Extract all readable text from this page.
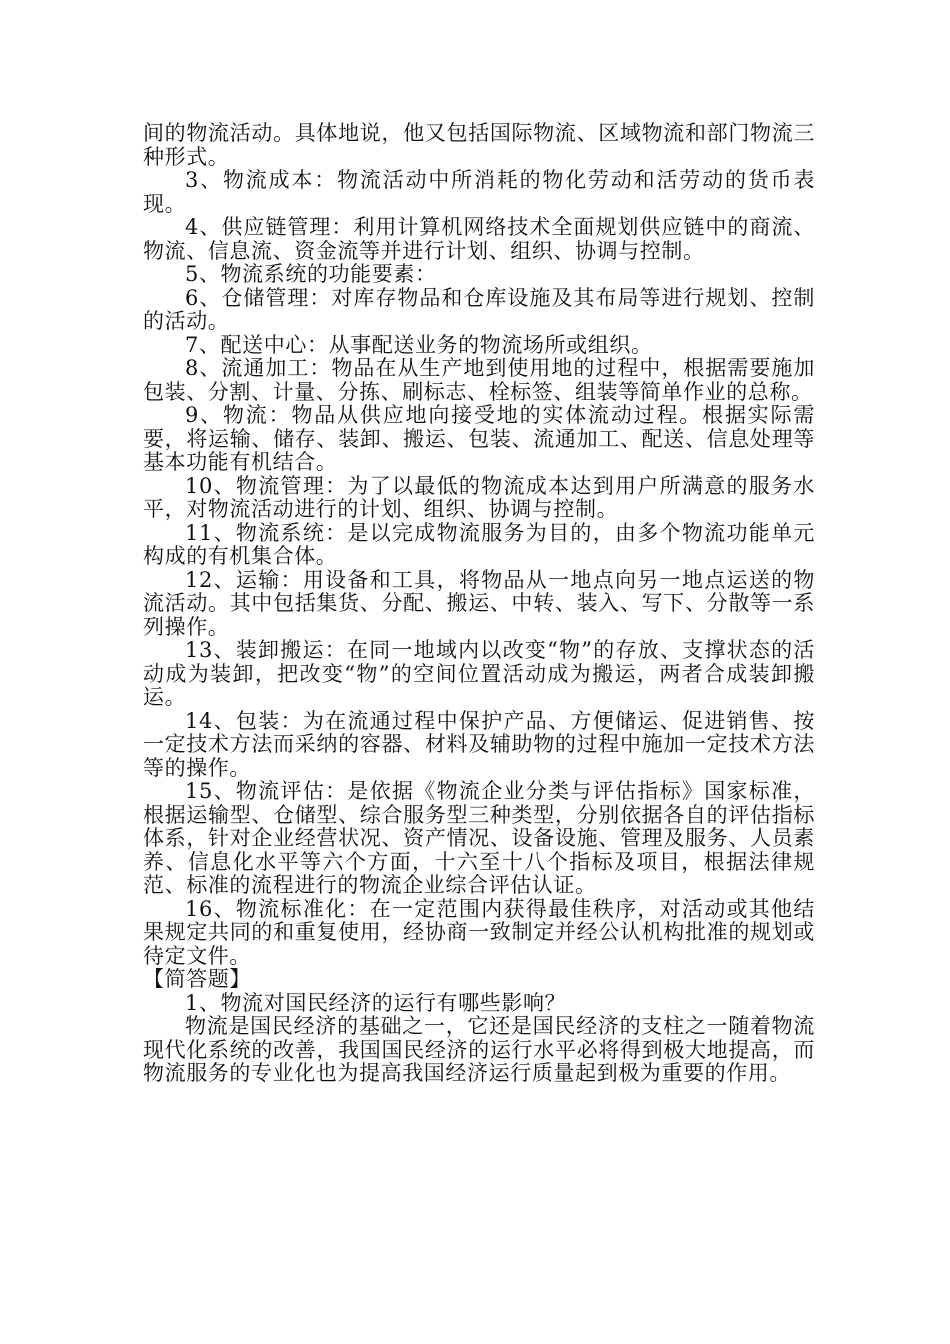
间的物流活动。具体地说，他又包括国际物流、区域物流和部门物流三种形式。

3、物流成本：物流活动中所消耗的物化劳动和活劳动的货币表现。

4、供应链管理：利用计算机网络技术全面规划供应链中的商流、物流、信息流、资金流等并进行计划、组织、协调与控制。

5、物流系统的功能要素：

6、仓储管理：对库存物品和仓库设施及其布局等进行规划、控制的活动。

7、配送中心：从事配送业务的物流场所或组织。

8、流通加工：物品在从生产地到使用地的过程中，根据需要施加包装、分割、计量、分拣、刷标志、栓标签、组装等简单作业的总称。

9、物流：物品从供应地向接受地的实体流动过程。根据实际需要，将运输、储存、装卸、搬运、包装、流通加工、配送、信息处理等基本功能有机结合。

10、物流管理：为了以最低的物流成本达到用户所满意的服务水平，对物流活动进行的计划、组织、协调与控制。

11、物流系统：是以完成物流服务为目的，由多个物流功能单元构成的有机集合体。

12、运输：用设备和工具，将物品从一地点向另一地点运送的物流活动。其中包括集货、分配、搬运、中转、装入、写下、分散等一系列操作。

13、装卸搬运：在同一地域内以改变“物”的存放、支撑状态的活动成为装卸，把改变“物”的空间位置活动成为搬运，两者合成装卸搬运。

14、包装：为在流通过程中保护产品、方便储运、促进销售、按一定技术方法而采纳的容器、材料及辅助物的过程中施加一定技术方法等的操作。

15、物流评估：是依据《物流企业分类与评估指标》国家标准，根据运输型、仓储型、综合服务型三种类型，分别依据各自的评估指标体系，针对企业经营状况、资产情况、设备设施、管理及服务、人员素养、信息化水平等六个方面，十六至十八个指标及项目，根据法律规范、标准的流程进行的物流企业综合评估认证。

16、物流标准化：在一定范围内获得最佳秩序，对活动或其他结果规定共同的和重复使用，经协商一致制定并经公认机构批准的规划或待定文件。

【简答题】

1、物流对国民经济的运行有哪些影响？

物流是国民经济的基础之一，它还是国民经济的支柱之一随着物流现代化系统的改善，我国国民经济的运行水平必将得到极大地提高，而物流服务的专业化也为提高我国经济运行质量起到极为重要的作用。
